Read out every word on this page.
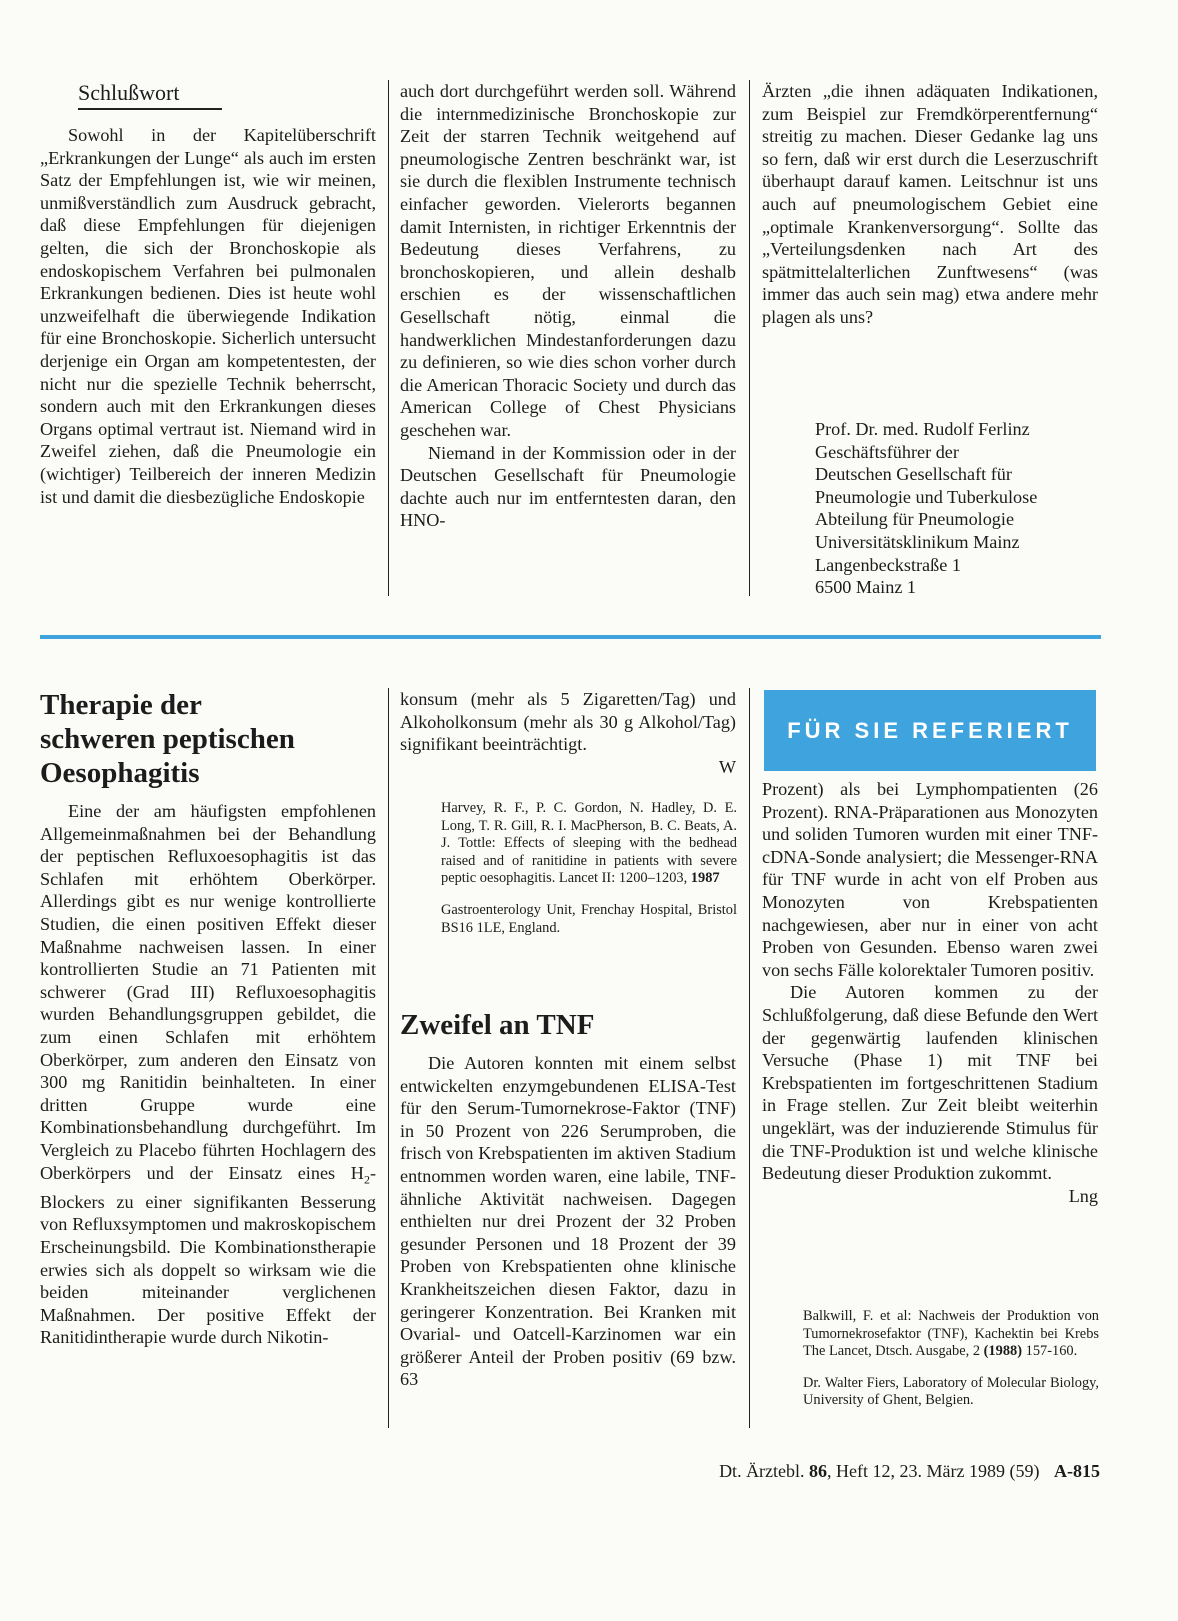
Schlußwort

Sowohl in der Kapitelüberschrift „Erkrankungen der Lunge“ als auch im ersten Satz der Empfehlungen ist, wie wir meinen, unmißverständlich zum Ausdruck gebracht, daß diese Empfehlungen für diejenigen gelten, die sich der Bronchoskopie als endoskopischem Verfahren bei pulmonalen Erkrankungen bedienen. Dies ist heute wohl unzweifelhaft die überwiegende Indikation für eine Bronchoskopie. Sicherlich untersucht derjenige ein Organ am kompetentesten, der nicht nur die spezielle Technik beherrscht, sondern auch mit den Erkrankungen dieses Organs optimal vertraut ist. Niemand wird in Zweifel ziehen, daß die Pneumologie ein (wichtiger) Teilbereich der inneren Medizin ist und damit die diesbezügliche Endoskopie

auch dort durchgeführt werden soll. Während die internmedizinische Bronchoskopie zur Zeit der starren Technik weitgehend auf pneumologische Zentren beschränkt war, ist sie durch die flexiblen Instrumente technisch einfacher geworden. Vielerorts begannen damit Internisten, in richtiger Erkenntnis der Bedeutung dieses Verfahrens, zu bronchoskopieren, und allein deshalb erschien es der wissenschaftlichen Gesellschaft nötig, einmal die handwerklichen Mindestanforderungen dazu zu definieren, so wie dies schon vorher durch die American Thoracic Society und durch das American College of Chest Physicians geschehen war.

Niemand in der Kommission oder in der Deutschen Gesellschaft für Pneumologie dachte auch nur im entferntesten daran, den HNO-

Ärzten „die ihnen adäquaten Indikationen, zum Beispiel zur Fremdkörperentfernung“ streitig zu machen. Dieser Gedanke lag uns so fern, daß wir erst durch die Leserzuschrift überhaupt darauf kamen. Leitschnur ist uns auch auf pneumologischem Gebiet eine „optimale Krankenversorgung“. Sollte das „Verteilungsdenken nach Art des spätmittelalterlichen Zunftwesens“ (was immer das auch sein mag) etwa andere mehr plagen als uns?

Prof. Dr. med. Rudolf Ferlinz
Geschäftsführer der
Deutschen Gesellschaft für
Pneumologie und Tuberkulose
Abteilung für Pneumologie
Universitätsklinikum Mainz
Langenbeckstraße 1
6500 Mainz 1
Therapie der
schweren peptischen
Oesophagitis

Eine der am häufigsten empfohlenen Allgemeinmaßnahmen bei der Behandlung der peptischen Refluxoesophagitis ist das Schlafen mit erhöhtem Oberkörper. Allerdings gibt es nur wenige kontrollierte Studien, die einen positiven Effekt dieser Maßnahme nachweisen lassen. In einer kontrollierten Studie an 71 Patienten mit schwerer (Grad III) Refluxoesophagitis wurden Behandlungsgruppen gebildet, die zum einen Schlafen mit erhöhtem Oberkörper, zum anderen den Einsatz von 300 mg Ranitidin beinhalteten. In einer dritten Gruppe wurde eine Kombinationsbehandlung durchgeführt. Im Vergleich zu Placebo führten Hochlagern des Oberkörpers und der Einsatz eines $H_2$-Blockers zu einer signifikanten Besserung von Refluxsymptomen und makroskopischem Erscheinungsbild. Die Kombinationstherapie erwies sich als doppelt so wirksam wie die beiden miteinander verglichenen Maßnahmen. Der positive Effekt der Ranitidintherapie wurde durch Nikotin-

konsum (mehr als 5 Zigaretten/Tag) und Alkoholkonsum (mehr als 30 g Alkohol/Tag) signifikant beeinträchtigt.

W

Harvey, R. F., P. C. Gordon, N. Hadley, D. E. Long, T. R. Gill, R. I. MacPherson, B. C. Beats, A. J. Tottle: Effects of sleeping with the bedhead raised and of ranitidine in patients with severe peptic oesophagitis. Lancet II: 1200–1203, 1987

Gastroenterology Unit, Frenchay Hospital, Bristol BS16 1LE, England.

Zweifel an TNF

Die Autoren konnten mit einem selbst entwickelten enzymgebundenen ELISA-Test für den Serum-Tumornekrose-Faktor (TNF) in 50 Prozent von 226 Serumproben, die frisch von Krebspatienten im aktiven Stadium entnommen worden waren, eine labile, TNF-ähnliche Aktivität nachweisen. Dagegen enthielten nur drei Prozent der 32 Proben gesunder Personen und 18 Prozent der 39 Proben von Krebspatienten ohne klinische Krankheitszeichen diesen Faktor, dazu in geringerer Konzentration. Bei Kranken mit Ovarial- und Oatcell-Karzinomen war ein größerer Anteil der Proben positiv (69 bzw. 63

FÜR SIE REFERIERT

Prozent) als bei Lymphompatienten (26 Prozent). RNA-Präparationen aus Monozyten und soliden Tumoren wurden mit einer TNF-cDNA-Sonde analysiert; die Messenger-RNA für TNF wurde in acht von elf Proben aus Monozyten von Krebspatienten nachgewiesen, aber nur in einer von acht Proben von Gesunden. Ebenso waren zwei von sechs Fälle kolorektaler Tumoren positiv.

Die Autoren kommen zu der Schlußfolgerung, daß diese Befunde den Wert der gegenwärtig laufenden klinischen Versuche (Phase 1) mit TNF bei Krebspatienten im fortgeschrittenen Stadium in Frage stellen. Zur Zeit bleibt weiterhin ungeklärt, was der induzierende Stimulus für die TNF-Produktion ist und welche klinische Bedeutung dieser Produktion zukommt.
Lng

Balkwill, F. et al: Nachweis der Produktion von Tumornekrosefaktor (TNF), Kachektin bei Krebs The Lancet, Dtsch. Ausgabe, 2 (1988) 157-160.

Dr. Walter Fiers, Laboratory of Molecular Biology, University of Ghent, Belgien.

Dt. Ärztebl. 86, Heft 12, 23. März 1989 (59) A-815
